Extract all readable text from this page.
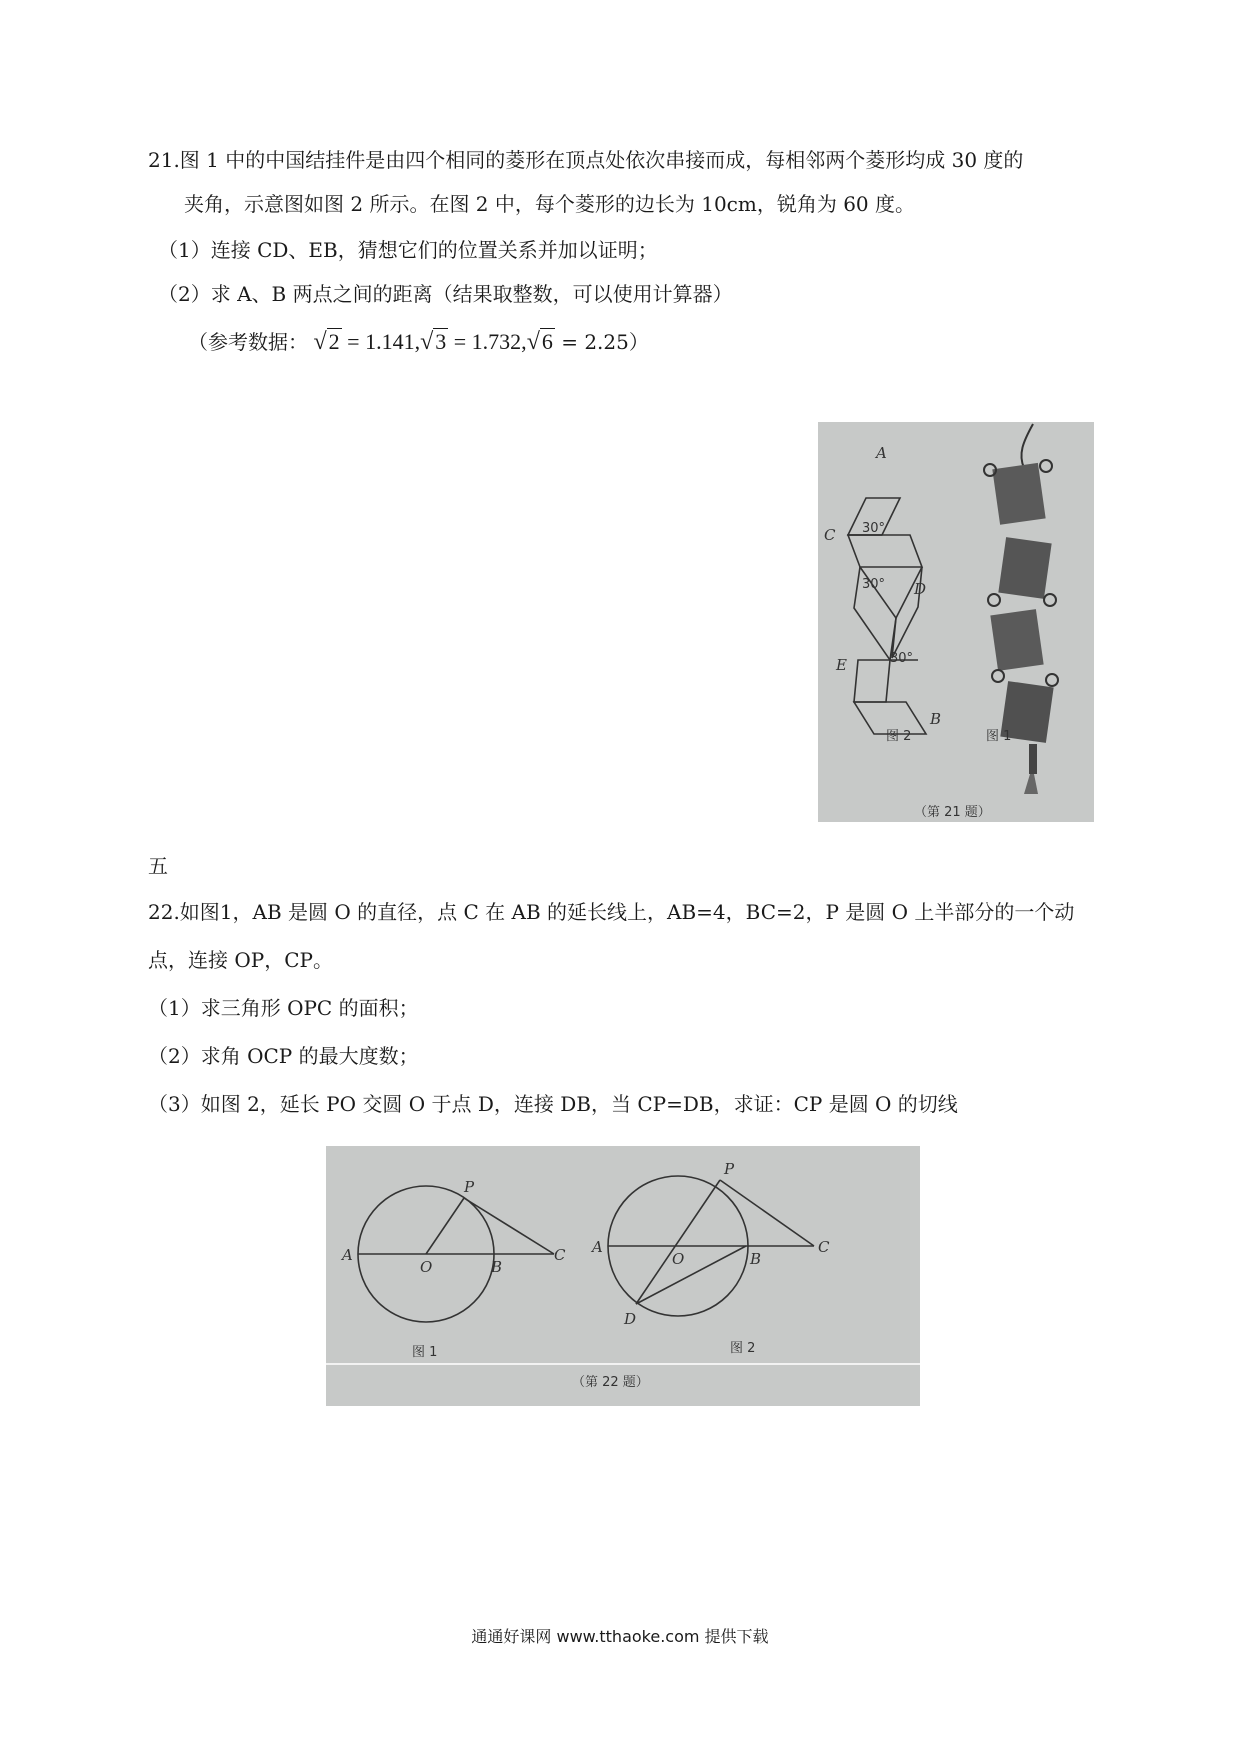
21.图 1 中的中国结挂件是由四个相同的菱形在顶点处依次串接而成，每相邻两个菱形均成 30 度的
夹角，示意图如图 2 所示。在图 2 中，每个菱形的边长为 10cm，锐角为 60 度。
（1）连接 CD、EB，猜想它们的位置关系并加以证明；
（2）求 A、B 两点之间的距离（结果取整数，可以使用计算器）
（参考数据： √2 = 1.141,√3 = 1.732,√6 = 2.25）
A
C
D
E
B
30°
30°
30°
图 2	图 1
（第 21 题）
五
22.如图1，AB 是圆 O 的直径，点 C 在 AB 的延长线上，AB=4，BC=2，P 是圆 O 上半部分的一个动
点，连接 OP，CP。
（1）求三角形 OPC 的面积；
（2）求角 OCP 的最大度数；
（3）如图 2，延长 PO 交圆 O 于点 D，连接 DB，当 CP=DB，求证：CP 是圆 O 的切线
A
O	B
C
P
图 1
A
O	B
C
P
D
图 2
（第 22 题）
通通好课网 www.tthaoke.com 提供下载
